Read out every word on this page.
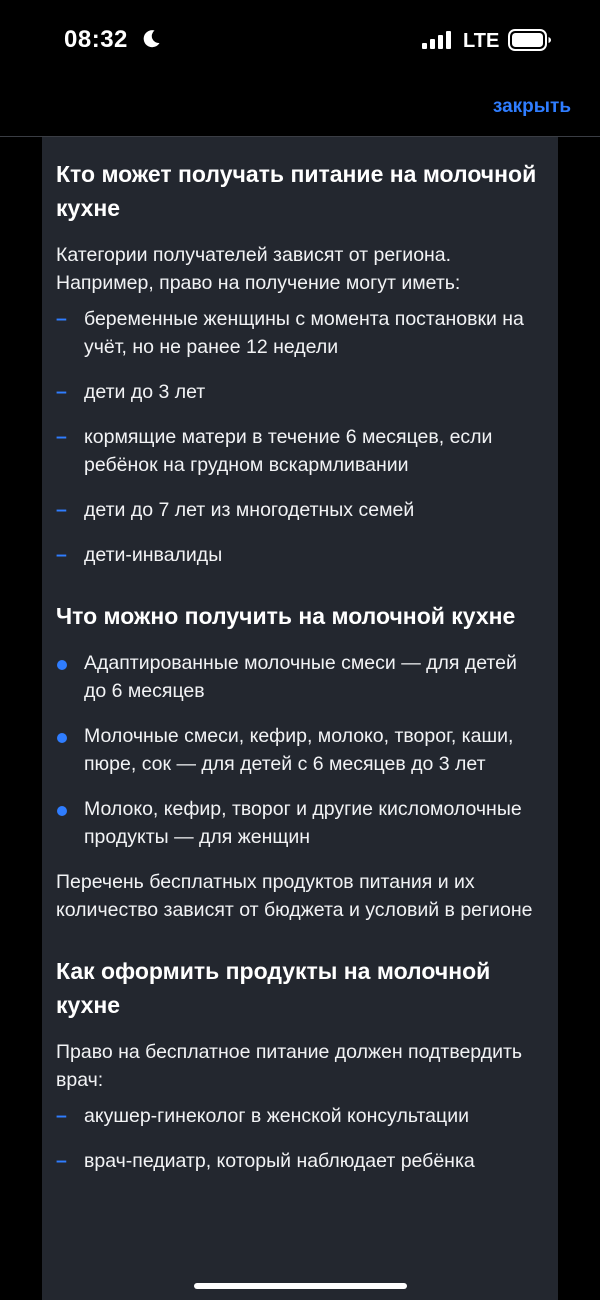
08:32	LTE
закрыть
Кто может получать питание на молочной кухне

Категории получателей зависят от региона. Например, право на получение могут иметь:

– беременные женщины с момента постановки на учёт, но не ранее 12 недели
– дети до 3 лет
– кормящие матери в течение 6 месяцев, если ребёнок на грудном вскармливании
– дети до 7 лет из многодетных семей
– дети-инвалиды
Что можно получить на молочной кухне
Адаптированные молочные смеси — для детей до 6 месяцев
Молочные смеси, кефир, молоко, творог, каши, пюре, сок — для детей с 6 месяцев до 3 лет
Молоко, кефир, творог и другие кисломолочные продукты — для женщин

Перечень бесплатных продуктов питания и их количество зависят от бюджета и условий в регионе

Как оформить продукты на молочной кухне

Право на бесплатное питание должен подтвердить врач:

– акушер-гинеколог в женской консультации
– врач-педиатр, который наблюдает ребёнка
